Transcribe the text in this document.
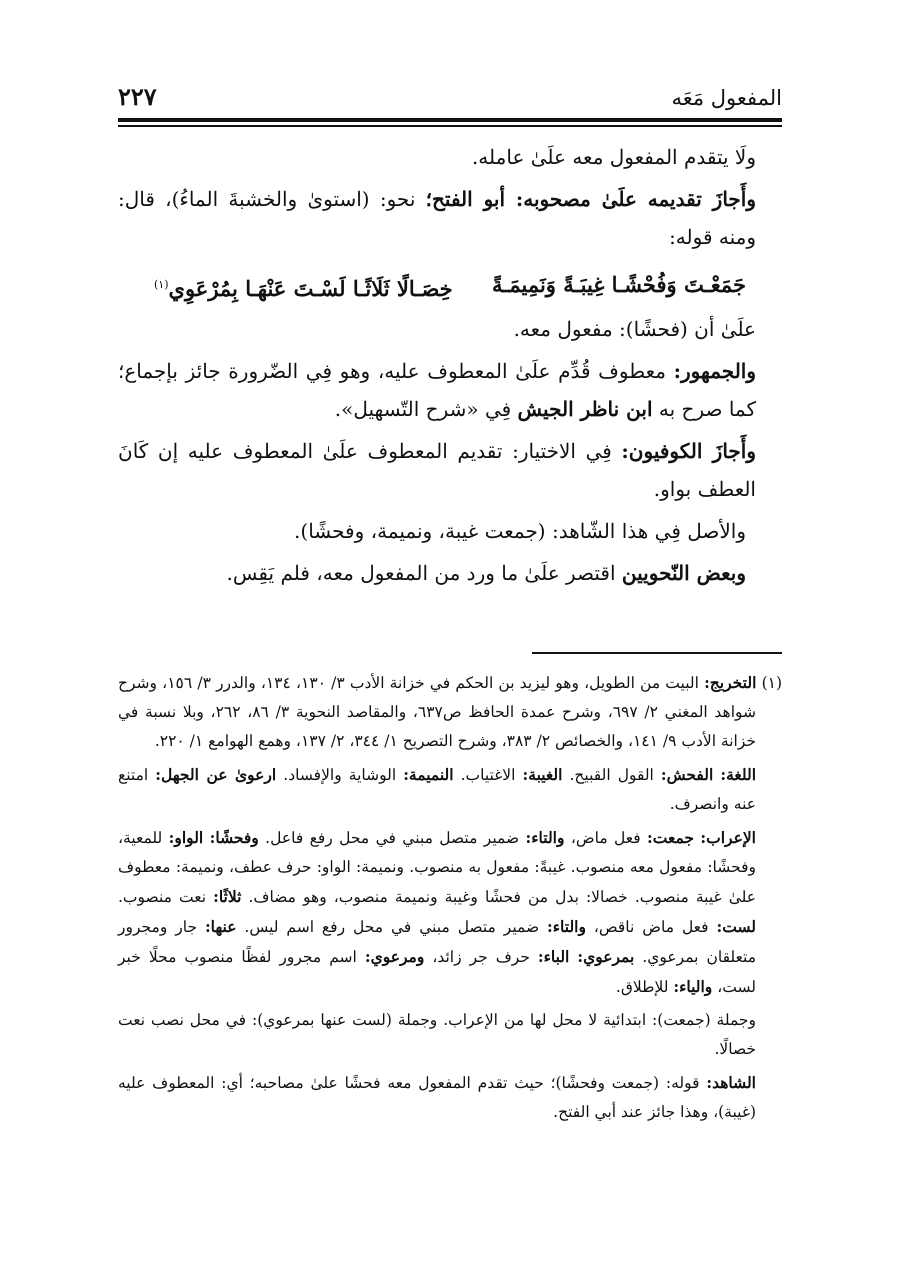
المفعول مَعَه
٢٢٧

ولَا يتقدم المفعول معه علَىٰ عامله.

وأَجازَ تقديمه علَىٰ مصحوبه: أبو الفتح؛ نحو: (استوىٰ والخشبةَ الماءُ)، قال: ومنه قوله:

جَمَعْـتَ وَفُحْشًـا غِيبَـةً وَنَمِيمَـةً
خِصَـالًا ثَلَاثًـا لَسْـتَ عَنْهَـا بِمُرْعَوِي$^{(١)}$

علَىٰ أن (فحشًا): مفعول معه.

والجمهور: معطوف قُدِّم علَىٰ المعطوف عليه، وهو فِي الضّرورة جائز بإجماع؛ كما صرح به ابن ناظر الجيش فِي «شرح التّسهيل».

وأَجازَ الكوفيون: فِي الاختيار: تقديم المعطوف علَىٰ المعطوف عليه إن كَانَ العطف بواو.

والأصل فِي هذا الشّاهد: (جمعت غيبة، ونميمة، وفحشًا).

وبعض النّحويين اقتصر علَىٰ ما ورد من المفعول معه، فلم يَقِس.

(١) التخريج: البيت من الطويل، وهو ليزيد بن الحكم في خزانة الأدب ٣/ ١٣٠، ١٣٤، والدرر ٣/ ١٥٦، وشرح شواهد المغني ٢/ ٦٩٧، وشرح عمدة الحافظ ص٦٣٧، والمقاصد النحوية ٣/ ٨٦، ٢٦٢، وبلا نسبة في خزانة الأدب ٩/ ١٤١، والخصائص ٢/ ٣٨٣، وشرح التصريح ١/ ٣٤٤، ٢/ ١٣٧، وهمع الهوامع ١/ ٢٢٠.

اللغة: الفحش: القول القبيح. الغيبة: الاغتياب. النميمة: الوشاية والإفساد. ارعوىٰ عن الجهل: امتنع عنه وانصرف.

الإعراب: جمعت: فعل ماض، والتاء: ضمير متصل مبني في محل رفع فاعل. وفحشًا: الواو: للمعية، وفحشًا: مفعول معه منصوب. غيبةً: مفعول به منصوب. ونميمة: الواو: حرف عطف، ونميمة: معطوف علىٰ غيبة منصوب. خصالا: بدل من فحشًا وغيبة ونميمة منصوب، وهو مضاف. ثلاثًا: نعت منصوب. لست: فعل ماض ناقص، والتاء: ضمير متصل مبني في محل رفع اسم ليس. عنها: جار ومجرور متعلقان بمرعوي. بمرعوي: الباء: حرف جر زائد، ومرعوي: اسم مجرور لفظًا منصوب محلًا خبر لست، والياء: للإطلاق.

وجملة (جمعت): ابتدائية لا محل لها من الإعراب. وجملة (لست عنها بمرعوي): في محل نصب نعت خصالًا.

الشاهد: قوله: (جمعت وفحشًا)؛ حيث تقدم المفعول معه فحشًا علىٰ مصاحبه؛ أي: المعطوف عليه (غيبة)، وهذا جائز عند أبي الفتح.
